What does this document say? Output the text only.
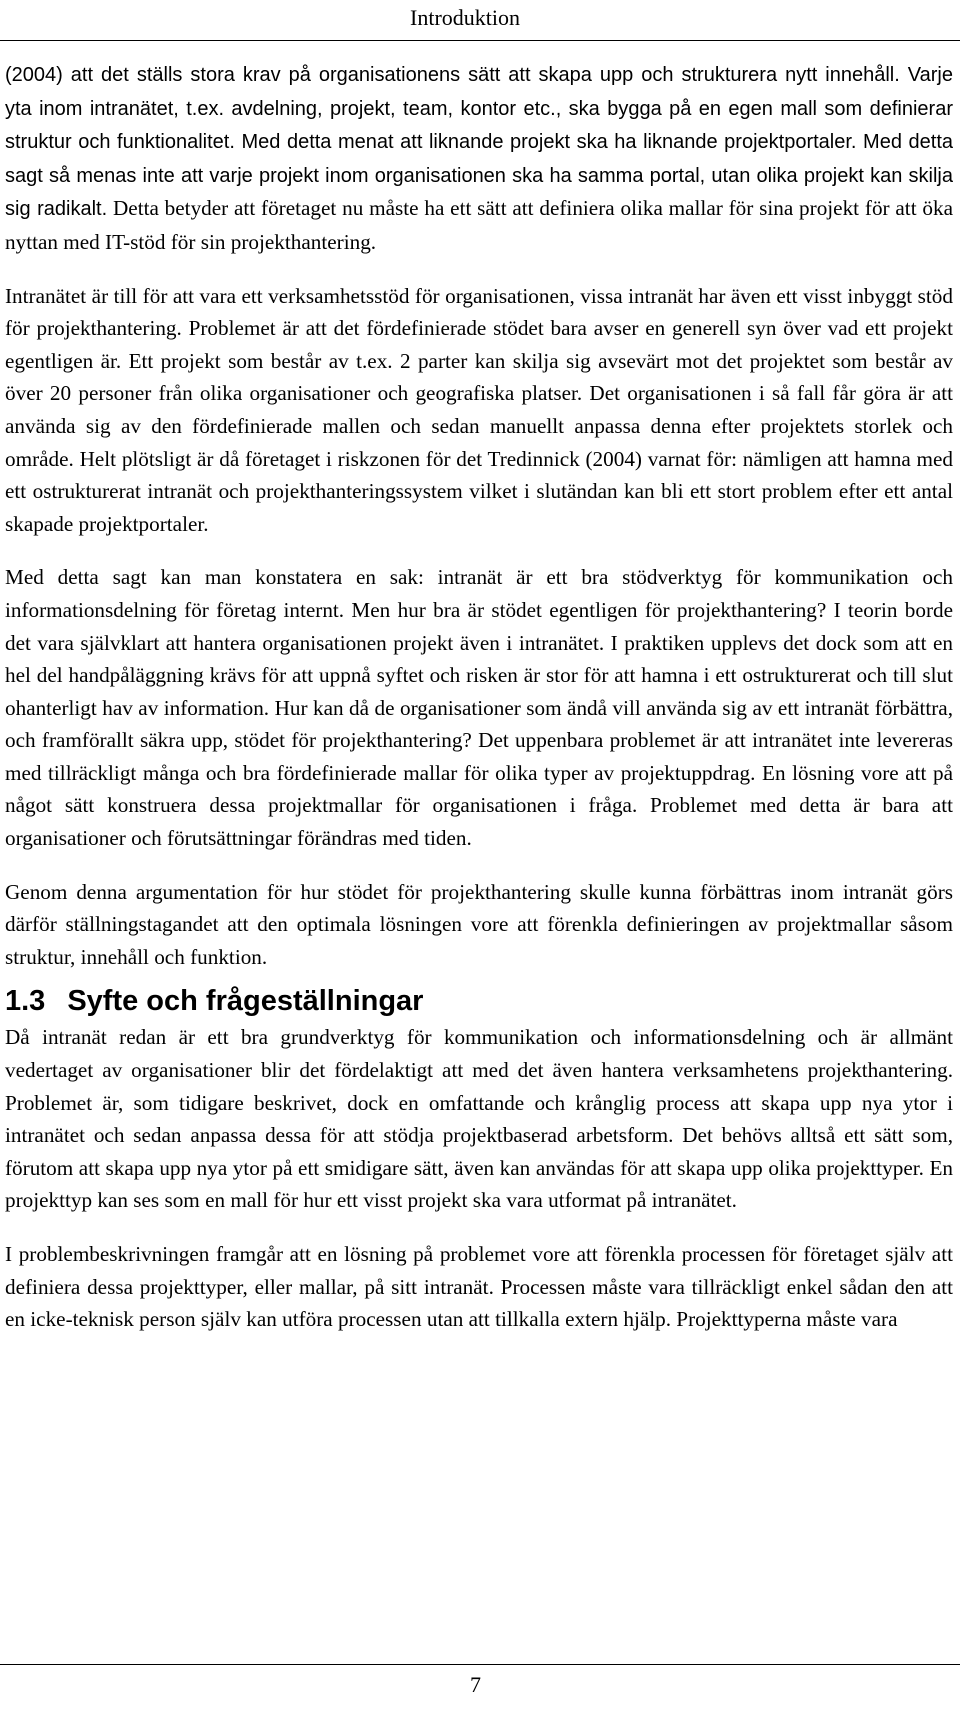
Introduktion

(2004) att det ställs stora krav på organisationens sätt att skapa upp och strukturera nytt innehåll. Varje yta inom intranätet, t.ex. avdelning, projekt, team, kontor etc., ska bygga på en egen mall som definierar struktur och funktionalitet. Med detta menat att liknande projekt ska ha liknande projektportaler. Med detta sagt så menas inte att varje projekt inom organisationen ska ha samma portal, utan olika projekt kan skilja sig radikalt. Detta betyder att företaget nu måste ha ett sätt att definiera olika mallar för sina projekt för att öka nyttan med IT-stöd för sin projekthantering.

Intranätet är till för att vara ett verksamhetsstöd för organisationen, vissa intranät har även ett visst inbyggt stöd för projekthantering. Problemet är att det fördefinierade stödet bara avser en generell syn över vad ett projekt egentligen är. Ett projekt som består av t.ex. 2 parter kan skilja sig avsevärt mot det projektet som består av över 20 personer från olika organisationer och geografiska platser. Det organisationen i så fall får göra är att använda sig av den fördefinierade mallen och sedan manuellt anpassa denna efter projektets storlek och område. Helt plötsligt är då företaget i riskzonen för det Tredinnick (2004) varnat för: nämligen att hamna med ett ostrukturerat intranät och projekthanteringssystem vilket i slutändan kan bli ett stort problem efter ett antal skapade projektportaler.

Med detta sagt kan man konstatera en sak: intranät är ett bra stödverktyg för kommunikation och informationsdelning för företag internt. Men hur bra är stödet egentligen för projekthantering? I teorin borde det vara självklart att hantera organisationen projekt även i intranätet. I praktiken upplevs det dock som att en hel del handpåläggning krävs för att uppnå syftet och risken är stor för att hamna i ett ostrukturerat och till slut ohanterligt hav av information. Hur kan då de organisationer som ändå vill använda sig av ett intranät förbättra, och framförallt säkra upp, stödet för projekthantering? Det uppenbara problemet är att intranätet inte levereras med tillräckligt många och bra fördefinierade mallar för olika typer av projektuppdrag. En lösning vore att på något sätt konstruera dessa projektmallar för organisationen i fråga. Problemet med detta är bara att organisationer och förutsättningar förändras med tiden.

Genom denna argumentation för hur stödet för projekthantering skulle kunna förbättras inom intranät görs därför ställningstagandet att den optimala lösningen vore att förenkla definieringen av projektmallar såsom struktur, innehåll och funktion.

1.3 Syfte och frågeställningar

Då intranät redan är ett bra grundverktyg för kommunikation och informationsdelning och är allmänt vedertaget av organisationer blir det fördelaktigt att med det även hantera verksamhetens projekthantering. Problemet är, som tidigare beskrivet, dock en omfattande och krånglig process att skapa upp nya ytor i intranätet och sedan anpassa dessa för att stödja projektbaserad arbetsform. Det behövs alltså ett sätt som, förutom att skapa upp nya ytor på ett smidigare sätt, även kan användas för att skapa upp olika projekttyper. En projekttyp kan ses som en mall för hur ett visst projekt ska vara utformat på intranätet.

I problembeskrivningen framgår att en lösning på problemet vore att förenkla processen för företaget själv att definiera dessa projekttyper, eller mallar, på sitt intranät. Processen måste vara tillräckligt enkel sådan den att en icke-teknisk person själv kan utföra processen utan att tillkalla extern hjälp. Projekttyperna måste vara

7
